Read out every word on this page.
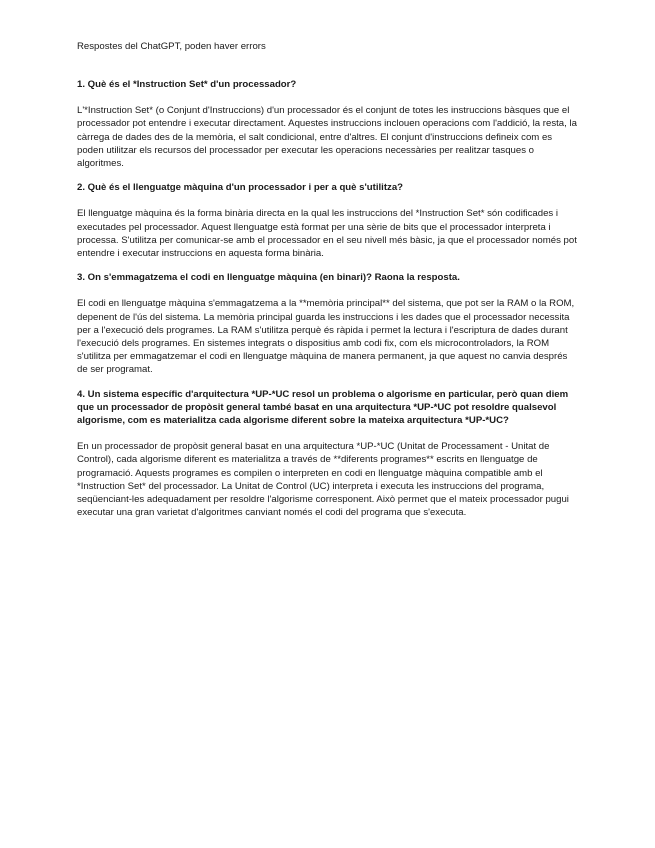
Respostes del ChatGPT, poden haver errors

1. Què és el *Instruction Set* d'un processador?

L'*Instruction Set* (o Conjunt d'Instruccions) d'un processador és el conjunt de totes les instruccions bàsques que el processador pot entendre i executar directament. Aquestes instruccions inclouen operacions com l'addició, la resta, la càrrega de dades des de la memòria, el salt condicional, entre d'altres. El conjunt d'instruccions defineix com es poden utilitzar els recursos del processador per executar les operacions necessàries per realitzar tasques o algoritmes.

2. Què és el llenguatge màquina d'un processador i per a què s'utilitza?

El llenguatge màquina és la forma binària directa en la qual les instruccions del *Instruction Set* són codificades i executades pel processador. Aquest llenguatge està format per una sèrie de bits que el processador interpreta i processa. S'utilitza per comunicar-se amb el processador en el seu nivell més bàsic, ja que el processador només pot entendre i executar instruccions en aquesta forma binària.

3. On s'emmagatzema el codi en llenguatge màquina (en binari)? Raona la resposta.

El codi en llenguatge màquina s'emmagatzema a la **memòria principal** del sistema, que pot ser la RAM o la ROM, depenent de l'ús del sistema. La memòria principal guarda les instruccions i les dades que el processador necessita per a l'execució dels programes. La RAM s'utilitza perquè és ràpida i permet la lectura i l'escriptura de dades durant l'execució dels programes. En sistemes integrats o dispositius amb codi fix, com els microcontroladors, la ROM s'utilitza per emmagatzemar el codi en llenguatge màquina de manera permanent, ja que aquest no canvia després de ser programat.

4. Un sistema específic d'arquitectura *UP-*UC resol un problema o algorisme en particular, però quan diem que un processador de propòsit general també basat en una arquitectura *UP-*UC pot resoldre qualsevol algorisme, com es materialitza cada algorisme diferent sobre la mateixa arquitectura *UP-*UC?

En un processador de propòsit general basat en una arquitectura *UP-*UC (Unitat de Processament - Unitat de Control), cada algorisme diferent es materialitza a través de **diferents programes** escrits en llenguatge de programació. Aquests programes es compilen o interpreten en codi en llenguatge màquina compatible amb el *Instruction Set* del processador. La Unitat de Control (UC) interpreta i executa les instruccions del programa, seqüenciant-les adequadament per resoldre l'algorisme corresponent. Això permet que el mateix processador pugui executar una gran varietat d'algoritmes canviant només el codi del programa que s'executa.
